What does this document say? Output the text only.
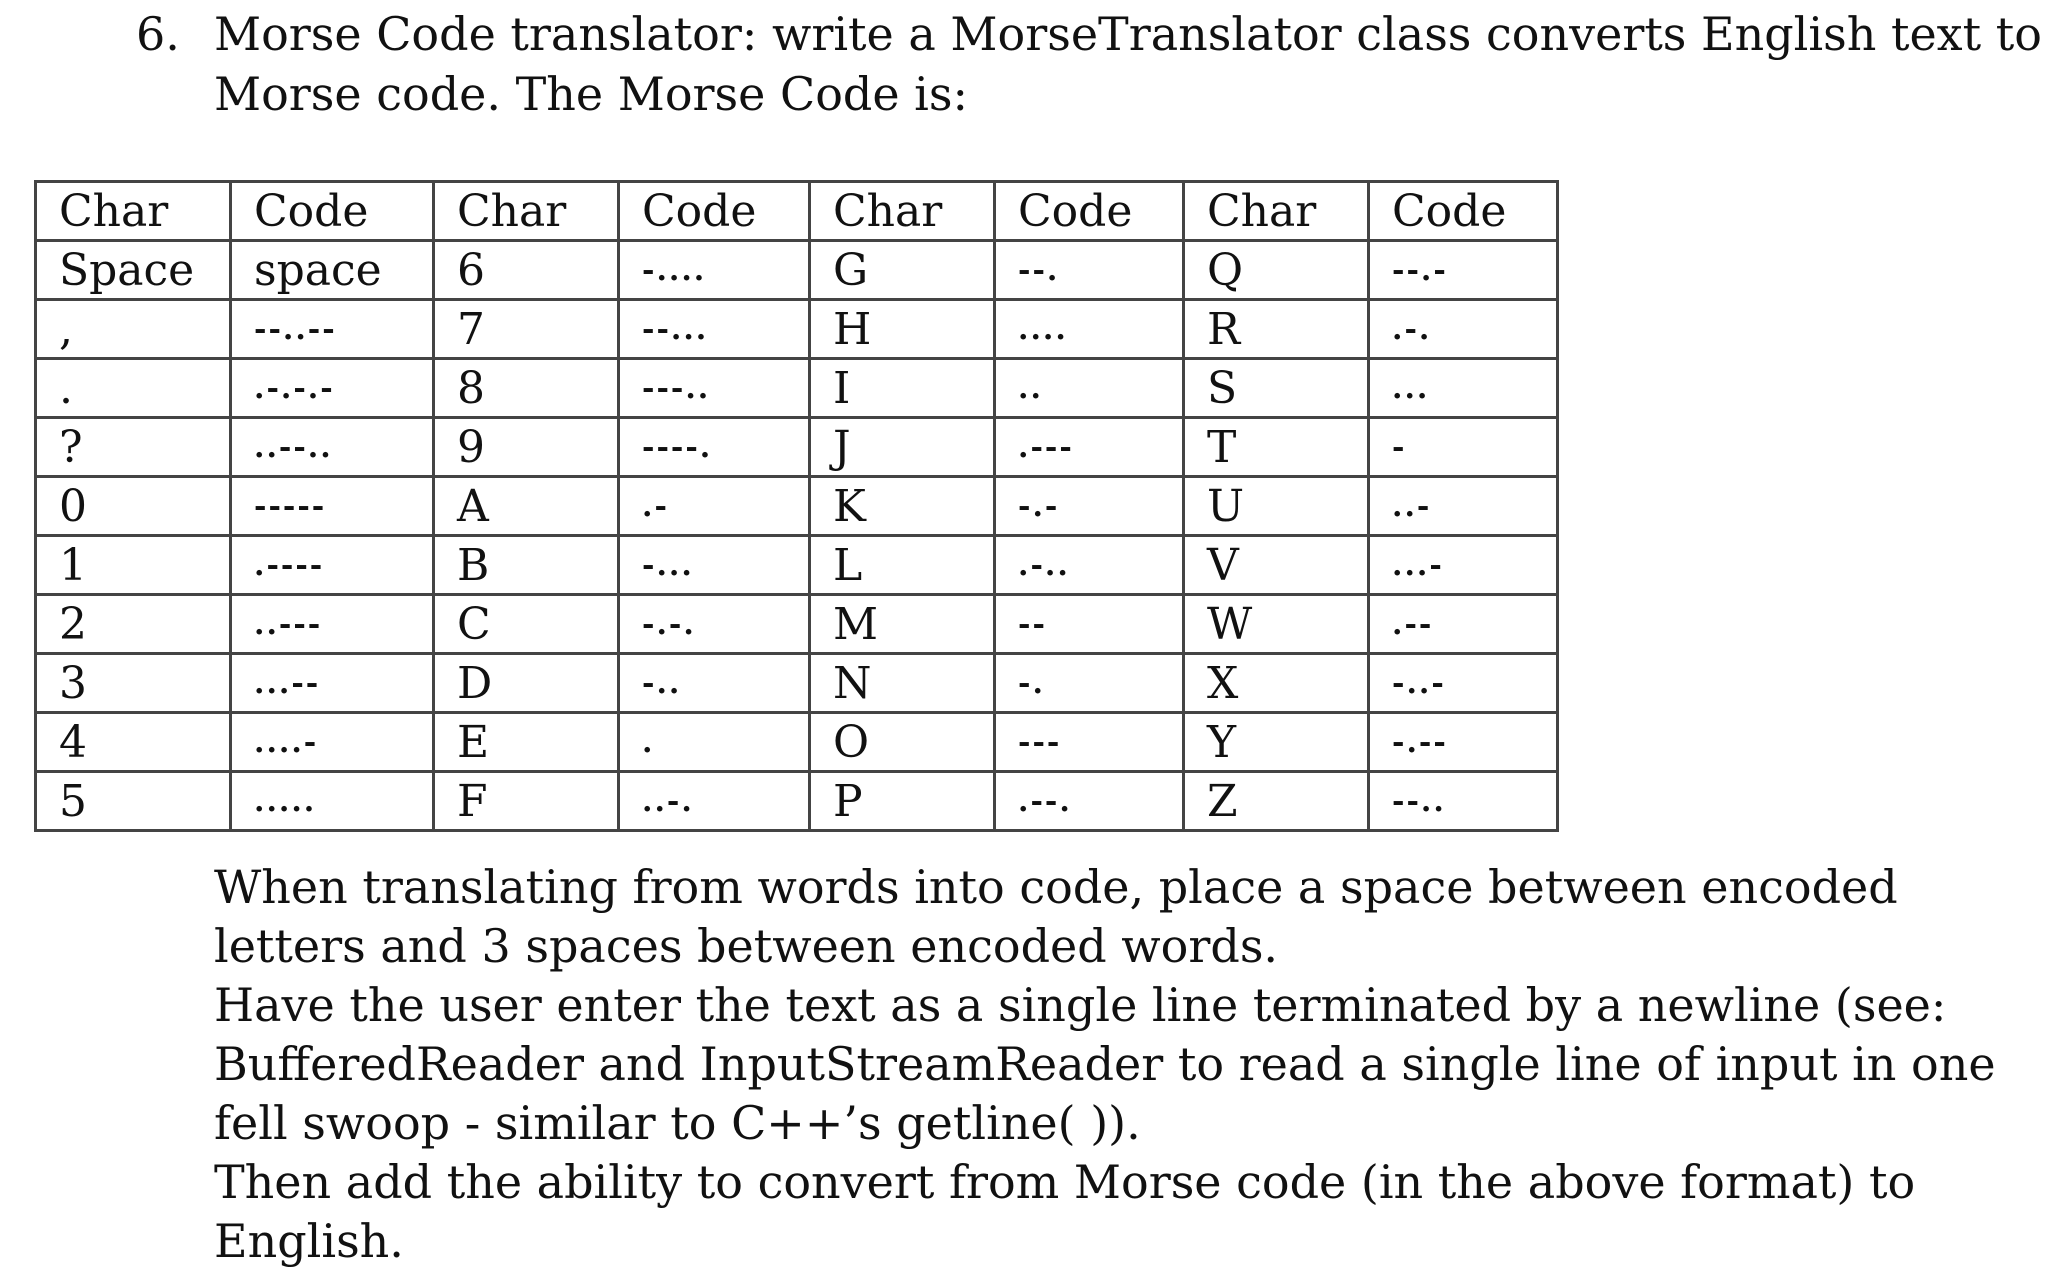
6. Morse Code translator: write a MorseTranslator class converts English text to
Morse code. The Morse Code is:
Char	Code	Char	Code	Char	Code	Char	Code
Space	space	6	-....	G	--.	Q	--.-
,	--..--	7	--...	H	....	R	.-.
.	.-.-.-	8	---..	I	..	S	...
?	..--..	9	----.	J	.---	T	-
0	-----	A	.-	K	-.-	U	..-
1	.----	B	-...	L	.-..	V	...-
2	..---	C	-.-.	M	--	W	.--
3	...--	D	-..	N	-.	X	-..-
4	....-	E	.	O	---	Y	-.--
5	.....	F	..-.	P	.--.	Z	--..
When translating from words into code, place a space between encoded
letters and 3 spaces between encoded words.
Have the user enter the text as a single line terminated by a newline (see:
BufferedReader and InputStreamReader to read a single line of input in one
fell swoop - similar to C++’s getline( )).
Then add the ability to convert from Morse code (in the above format) to
English.
